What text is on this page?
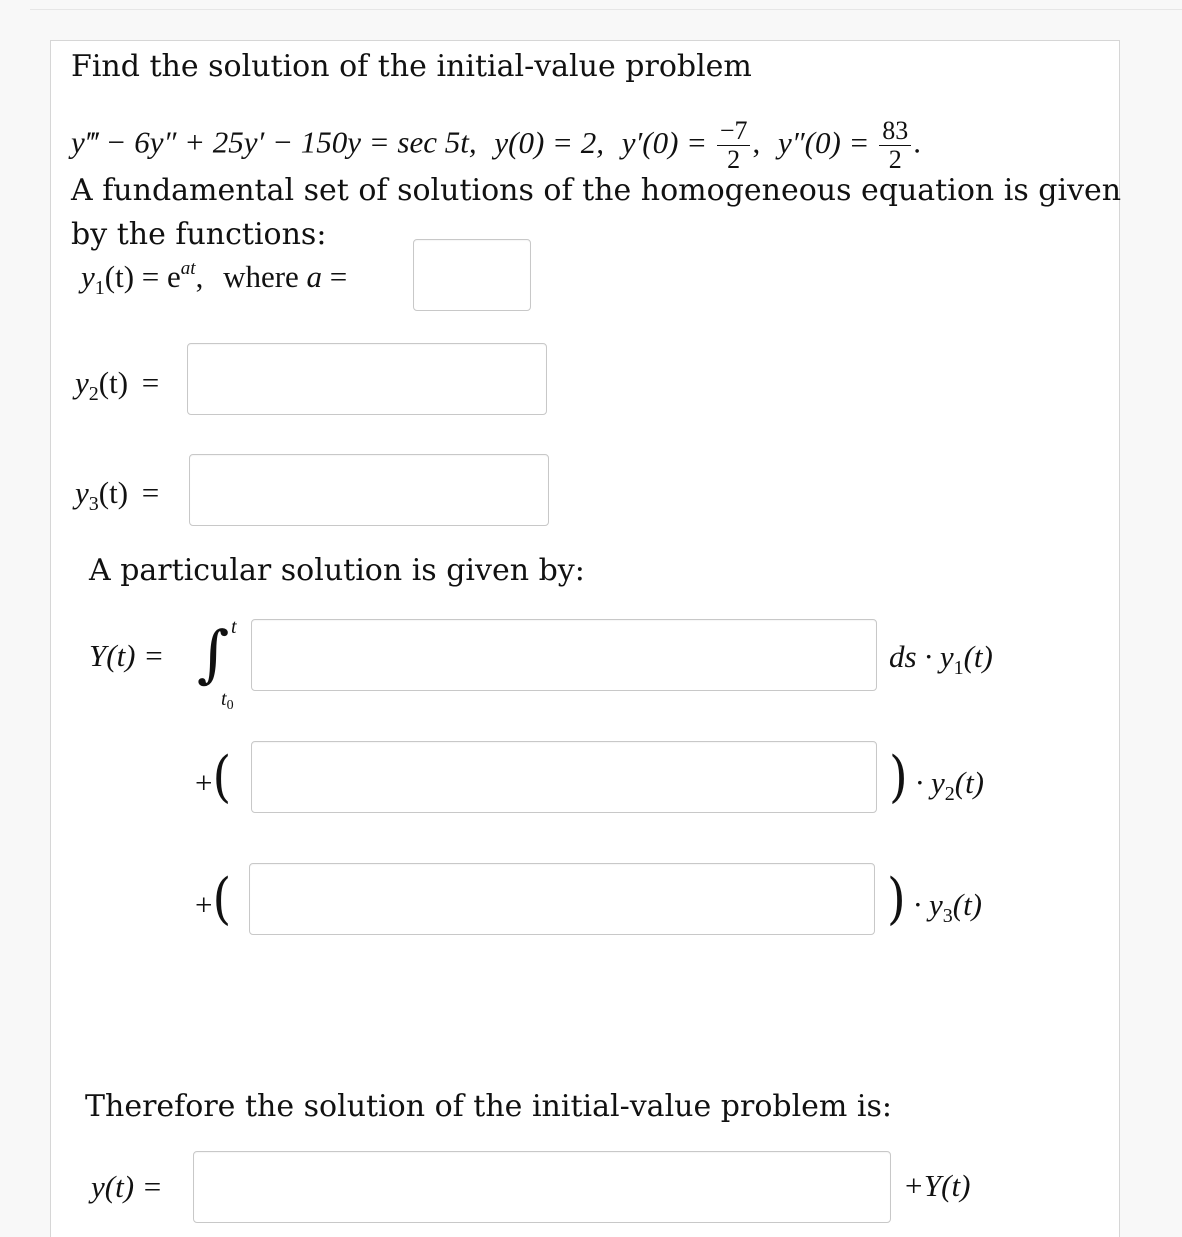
Find the solution of the initial-value problem
y‴ − 6y″ + 25y′ − 150y = sec 5t, y(0) = 2, $y'(0) = \frac{-7}{2}$ , $y''(0) = \frac{83}{2}$ .
A fundamental set of solutions of the homogeneous equation is given
by the functions:
$y_1(t) = e^{at}$, where a =
$y_2(t)$ =
$y_3(t)$ =
A particular solution is given by:
Y(t) = ∫ t
$t_0$
ds · $y_1(t)$
+(	) · $y_2(t)$
+(	) · $y_3(t)$
Therefore the solution of the initial-value problem is:
y(t) =	+Y(t)
